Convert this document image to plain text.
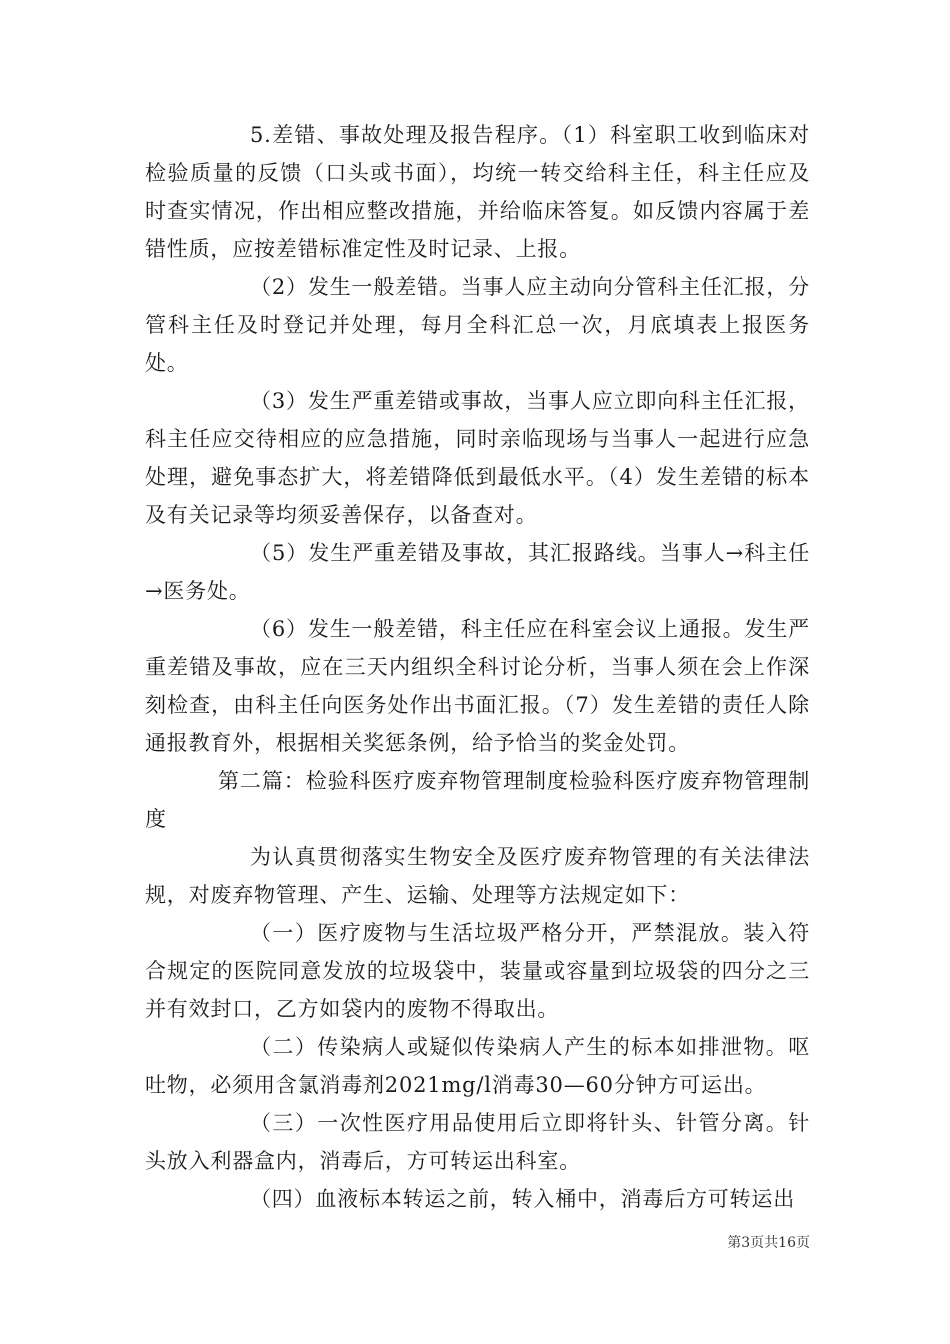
5.差错、事故处理及报告程序。（1）科室职工收到临床对检验质量的反馈（口头或书面），均统一转交给科主任，科主任应及时查实情况，作出相应整改措施，并给临床答复。如反馈内容属于差错性质，应按差错标准定性及时记录、上报。

（2）发生一般差错。当事人应主动向分管科主任汇报，分管科主任及时登记并处理，每月全科汇总一次，月底填表上报医务处。

（3）发生严重差错或事故，当事人应立即向科主任汇报，科主任应交待相应的应急措施，同时亲临现场与当事人一起进行应急处理，避免事态扩大，将差错降低到最低水平。（4）发生差错的标本及有关记录等均须妥善保存，以备查对。

（5）发生严重差错及事故，其汇报路线。当事人→科主任→医务处。

（6）发生一般差错，科主任应在科室会议上通报。发生严重差错及事故，应在三天内组织全科讨论分析，当事人须在会上作深刻检查，由科主任向医务处作出书面汇报。（7）发生差错的责任人除通报教育外，根据相关奖惩条例，给予恰当的奖金处罚。

第二篇：检验科医疗废弃物管理制度检验科医疗废弃物管理制度

为认真贯彻落实生物安全及医疗废弃物管理的有关法律法规，对废弃物管理、产生、运输、处理等方法规定如下：

（一）医疗废物与生活垃圾严格分开，严禁混放。装入符合规定的医院同意发放的垃圾袋中，装量或容量到垃圾袋的四分之三并有效封口，乙方如袋内的废物不得取出。

（二）传染病人或疑似传染病人产生的标本如排泄物。呕吐物，必须用含氯消毒剂2021mg/l消毒30—60分钟方可运出。

（三）一次性医疗用品使用后立即将针头、针管分离。针头放入利器盒内，消毒后，方可转运出科室。

（四）血液标本转运之前，转入桶中，消毒后方可转运出

第3页共16页
